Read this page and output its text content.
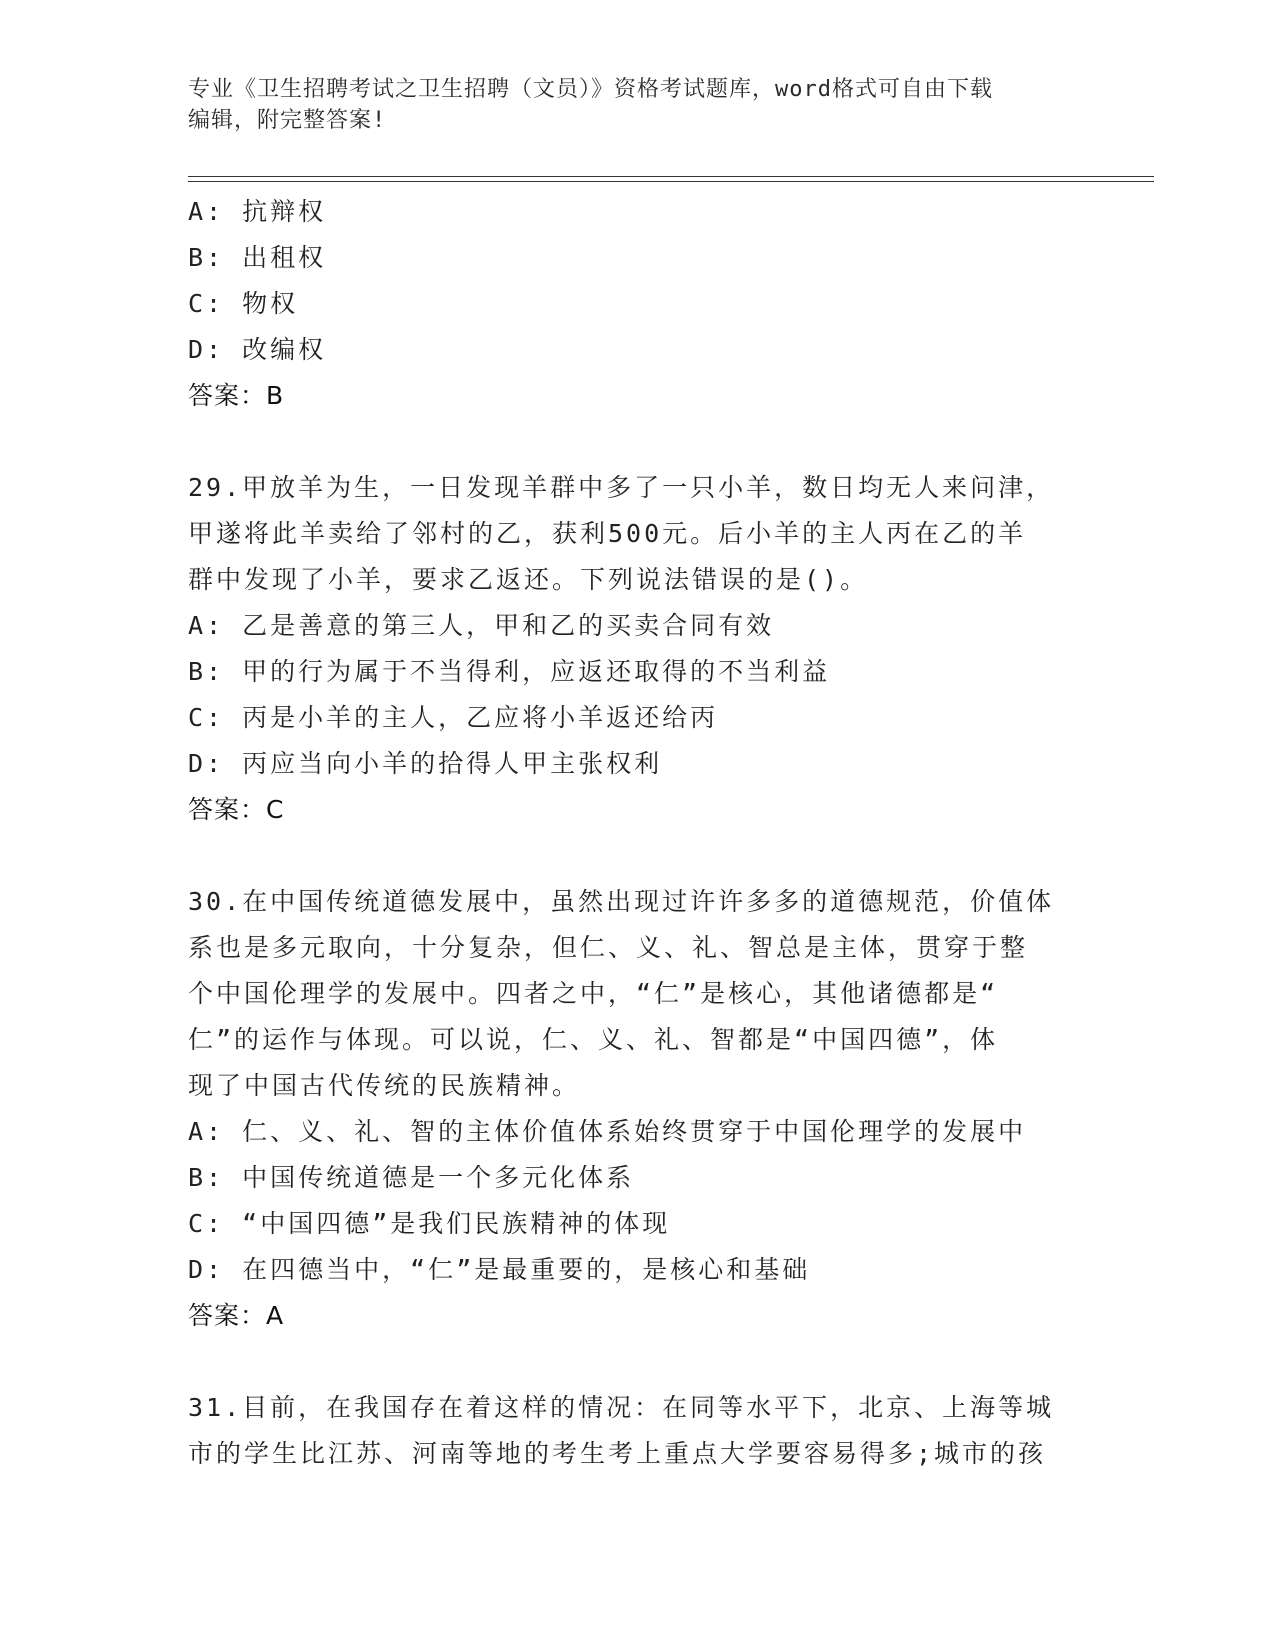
专业《卫生招聘考试之卫生招聘（文员）》资格考试题库，word格式可自由下载
编辑，附完整答案!
A: 抗辩权
B: 出租权
C: 物权
D: 改编权
答案：B
29.甲放羊为生，一日发现羊群中多了一只小羊，数日均无人来问津，
甲遂将此羊卖给了邻村的乙，获利500元。后小羊的主人丙在乙的羊
群中发现了小羊，要求乙返还。下列说法错误的是()。
A: 乙是善意的第三人，甲和乙的买卖合同有效
B: 甲的行为属于不当得利，应返还取得的不当利益
C: 丙是小羊的主人，乙应将小羊返还给丙
D: 丙应当向小羊的拾得人甲主张权利
答案：C
30.在中国传统道德发展中，虽然出现过许许多多的道德规范，价值体
系也是多元取向，十分复杂，但仁、义、礼、智总是主体，贯穿于整
个中国伦理学的发展中。四者之中，“仁”是核心，其他诸德都是“
仁”的运作与体现。可以说，仁、义、礼、智都是“中国四德”，体
现了中国古代传统的民族精神。
A: 仁、义、礼、智的主体价值体系始终贯穿于中国伦理学的发展中
B: 中国传统道德是一个多元化体系
C: “中国四德”是我们民族精神的体现
D: 在四德当中，“仁”是最重要的，是核心和基础
答案：A
31.目前，在我国存在着这样的情况：在同等水平下，北京、上海等城
市的学生比江苏、河南等地的考生考上重点大学要容易得多;城市的孩
